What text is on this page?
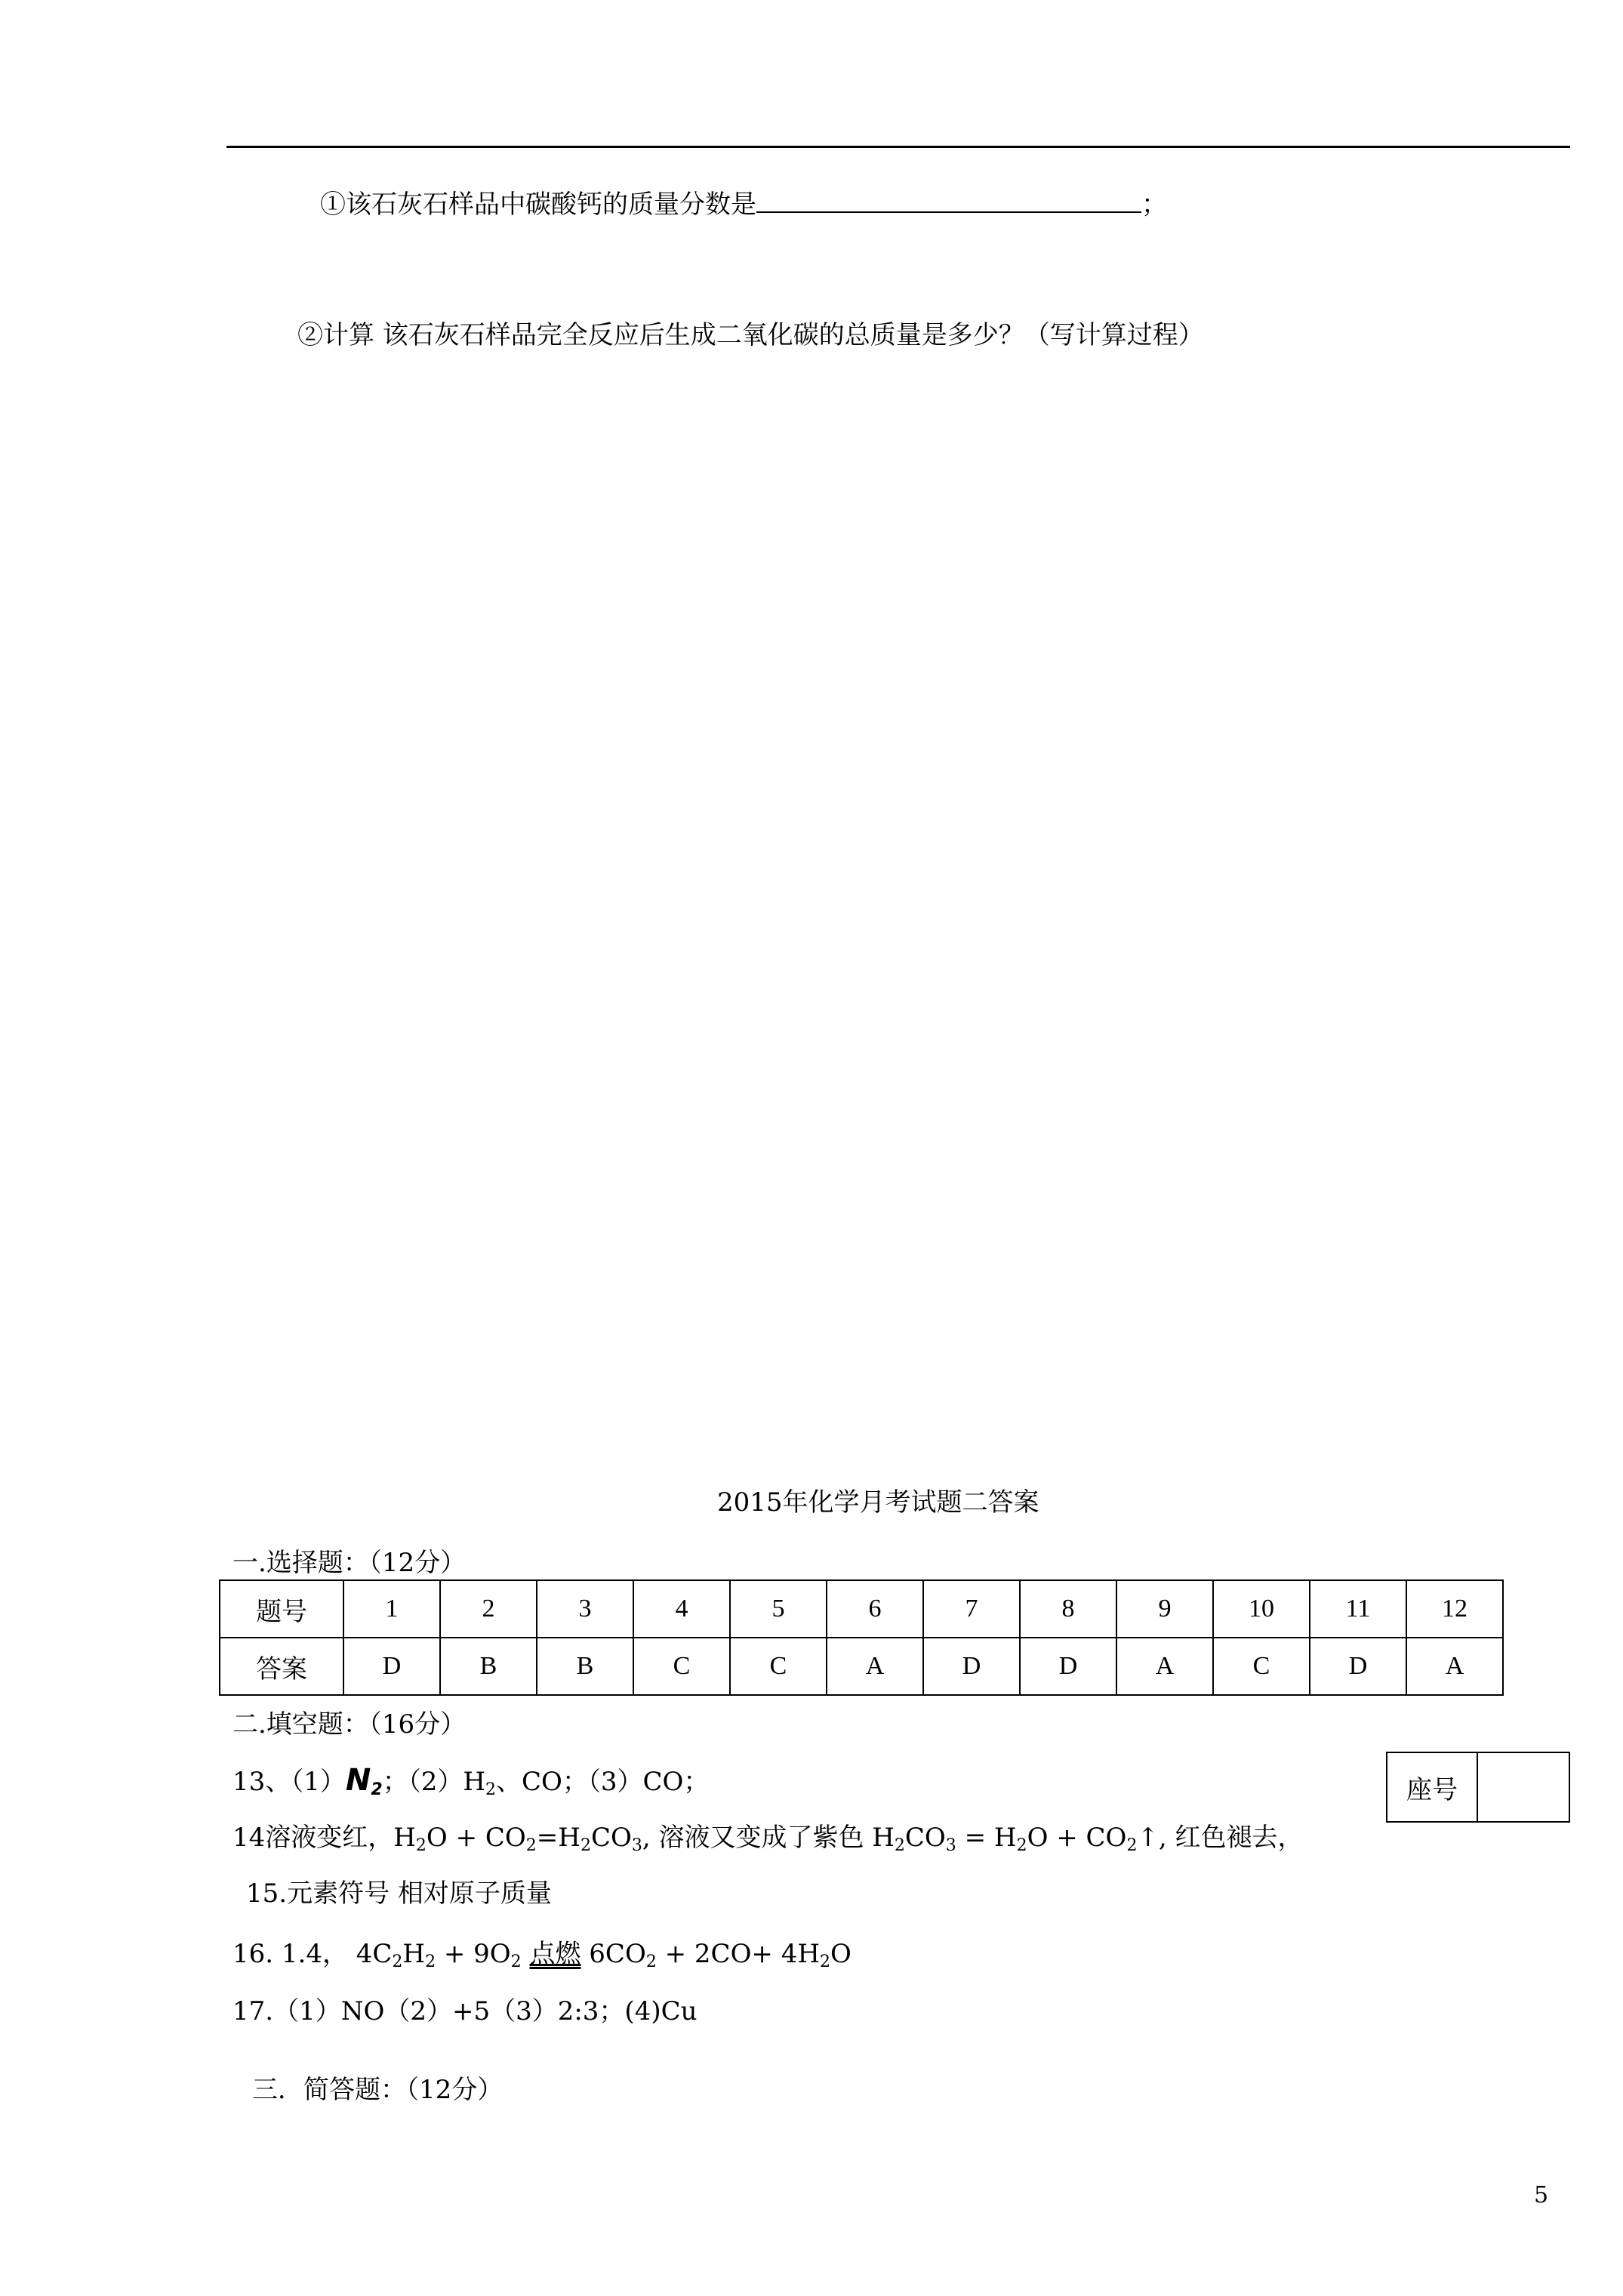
①该石灰石样品中碳酸钙的质量分数是	；
②计算 该石灰石样品完全反应后生成二氧化碳的总质量是多少？（写计算过程）
2015年化学月考试题二答案
一.选择题：（12分）
题号	1	2	3	4	5	6	7	8	9	10	11	12
答案	D	B	B	C	C	A	D	D	A	C	D	A
二.填空题：（16分）
座号
13、$(1)N_2$；$(2)H_2$、CO；（3）CO；
14溶液变红，$H_2O + CO_2=H_2CO_3$, 溶液又变成了紫色 $H_2CO_3 = H_2O$ + $CO_2↑$, 红色褪去，
15.元素符号 相对原子质量
16. 1.4， $4C_2H_2 + 9O_2$ 点燃 $6CO_2 + 2CO+ 4H_2O$
17.（1）NO（2）+5（3）2:3；(4)Cu
三．简答题：（12分）
5
